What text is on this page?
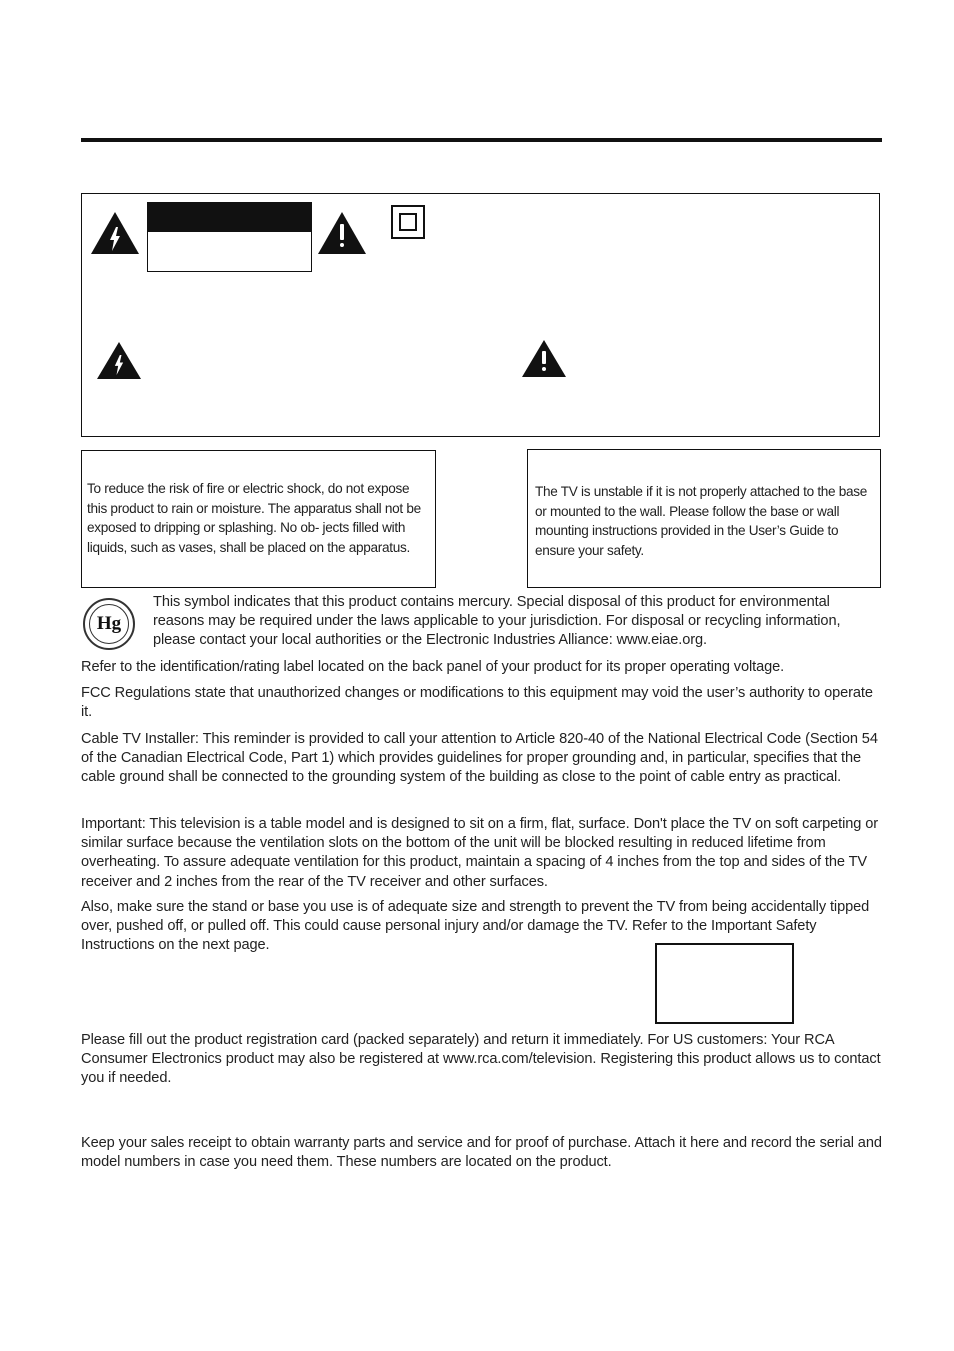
To reduce the risk of fire or electric shock, do not expose this product to rain or moisture. The apparatus shall not be exposed to dripping or splashing. No ob- jects filled with liquids, such as vases, shall be placed on the apparatus.
The TV is unstable if it is not properly attached to the base or mounted to the wall. Please follow the base or wall mounting instructions provided in the User’s Guide to ensure your safety.
Hg

This symbol indicates that this product contains mercury. Special disposal of this product for environmental reasons may be required under the laws applicable to your jurisdiction. For disposal or recycling information, please contact your local authorities or the Electronic Industries Alliance: www.eiae.org.

Refer to the identification/rating label located on the back panel of your product for its proper operating voltage.

FCC Regulations state that unauthorized changes or modifications to this equipment may void the user’s authority to operate it.

Cable TV Installer: This reminder is provided to call your attention to Article 820-40 of the National Electrical Code (Section 54 of the Canadian Electrical Code, Part 1) which provides guidelines for proper grounding and, in particular, specifies that the cable ground shall be connected to the grounding system of the building as close to the point of cable entry as practical.

Important: This television is a table model and is designed to sit on a firm, flat, surface. Don't place the TV on soft carpeting or similar surface because the ventilation slots on the bottom of the unit will be blocked resulting in reduced lifetime from overheating. To assure adequate ventilation for this product, maintain a spacing of 4 inches from the top and sides of the TV receiver and 2 inches from the rear of the TV receiver and other surfaces.

Also, make sure the stand or base you use is of adequate size and strength to prevent the TV from being accidentally tipped over, pushed off, or pulled off. This could cause personal injury and/or damage the TV. Refer to the Important Safety Instructions on the next page.

Please fill out the product registration card (packed separately) and return it immediately. For US customers: Your RCA Consumer Electronics product may also be registered at www.rca.com/television. Registering this product allows us to contact you if needed.

Keep your sales receipt to obtain warranty parts and service and for proof of purchase. Attach it here and record the serial and model numbers in case you need them. These numbers are located on the product.
